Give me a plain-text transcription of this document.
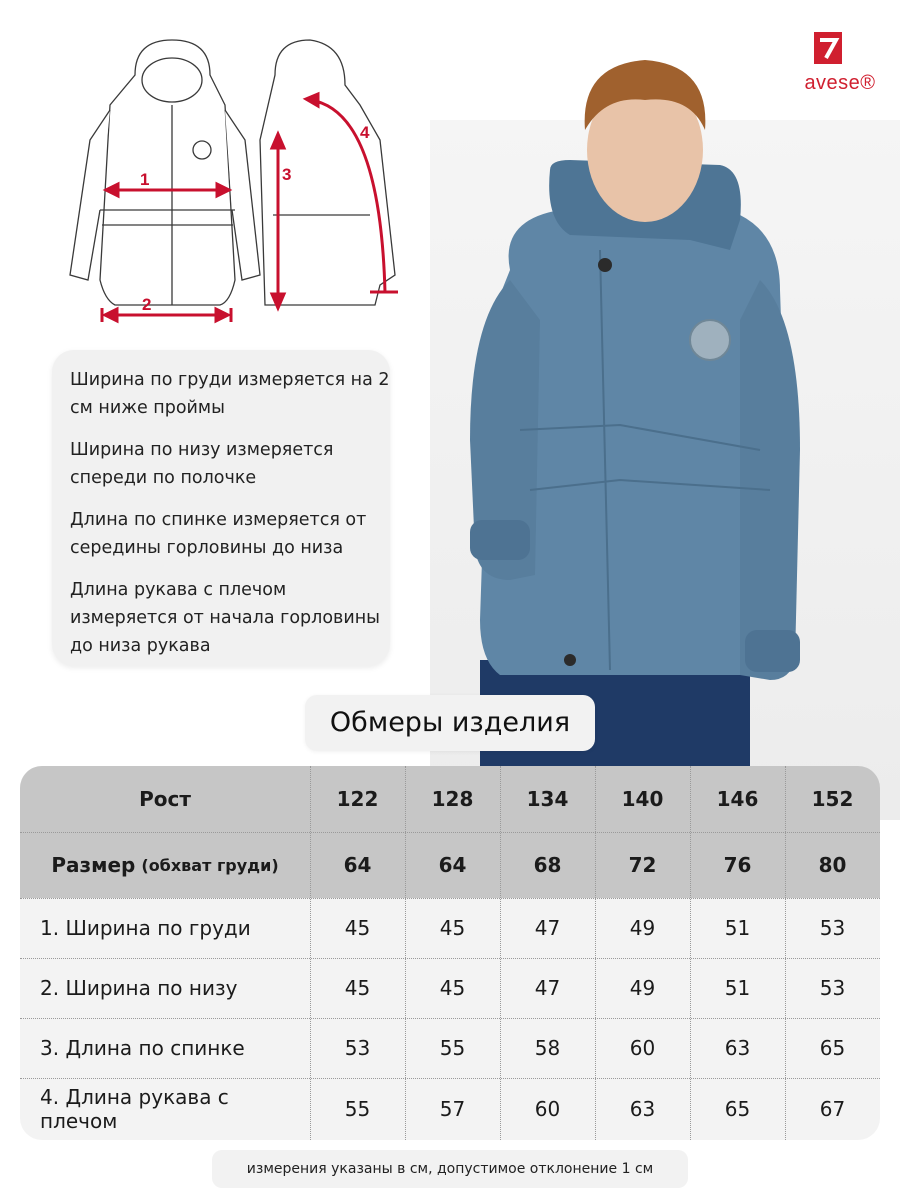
1
2
3
4
avese®

Ширина по груди измеряется на 2 см ниже проймы

Ширина по низу измеряется спереди по полочке

Длина по спинке измеряется от середины горловины до низа

Длина рукава с плечом измеряется от начала горловины до низа рукава

Обмеры изделия
Рост	122	128	134	140	146	152
Размер (обхват груди)	64	64	68	72	76	80
1. Ширина по груди	45	45	47	49	51	53
2. Ширина по низу	45	45	47	49	51	53
3. Длина по спинке	53	55	58	60	63	65
4. Длина рукава с плечом	55	57	60	63	65	67
измерения указаны в см, допустимое отклонение 1 см
